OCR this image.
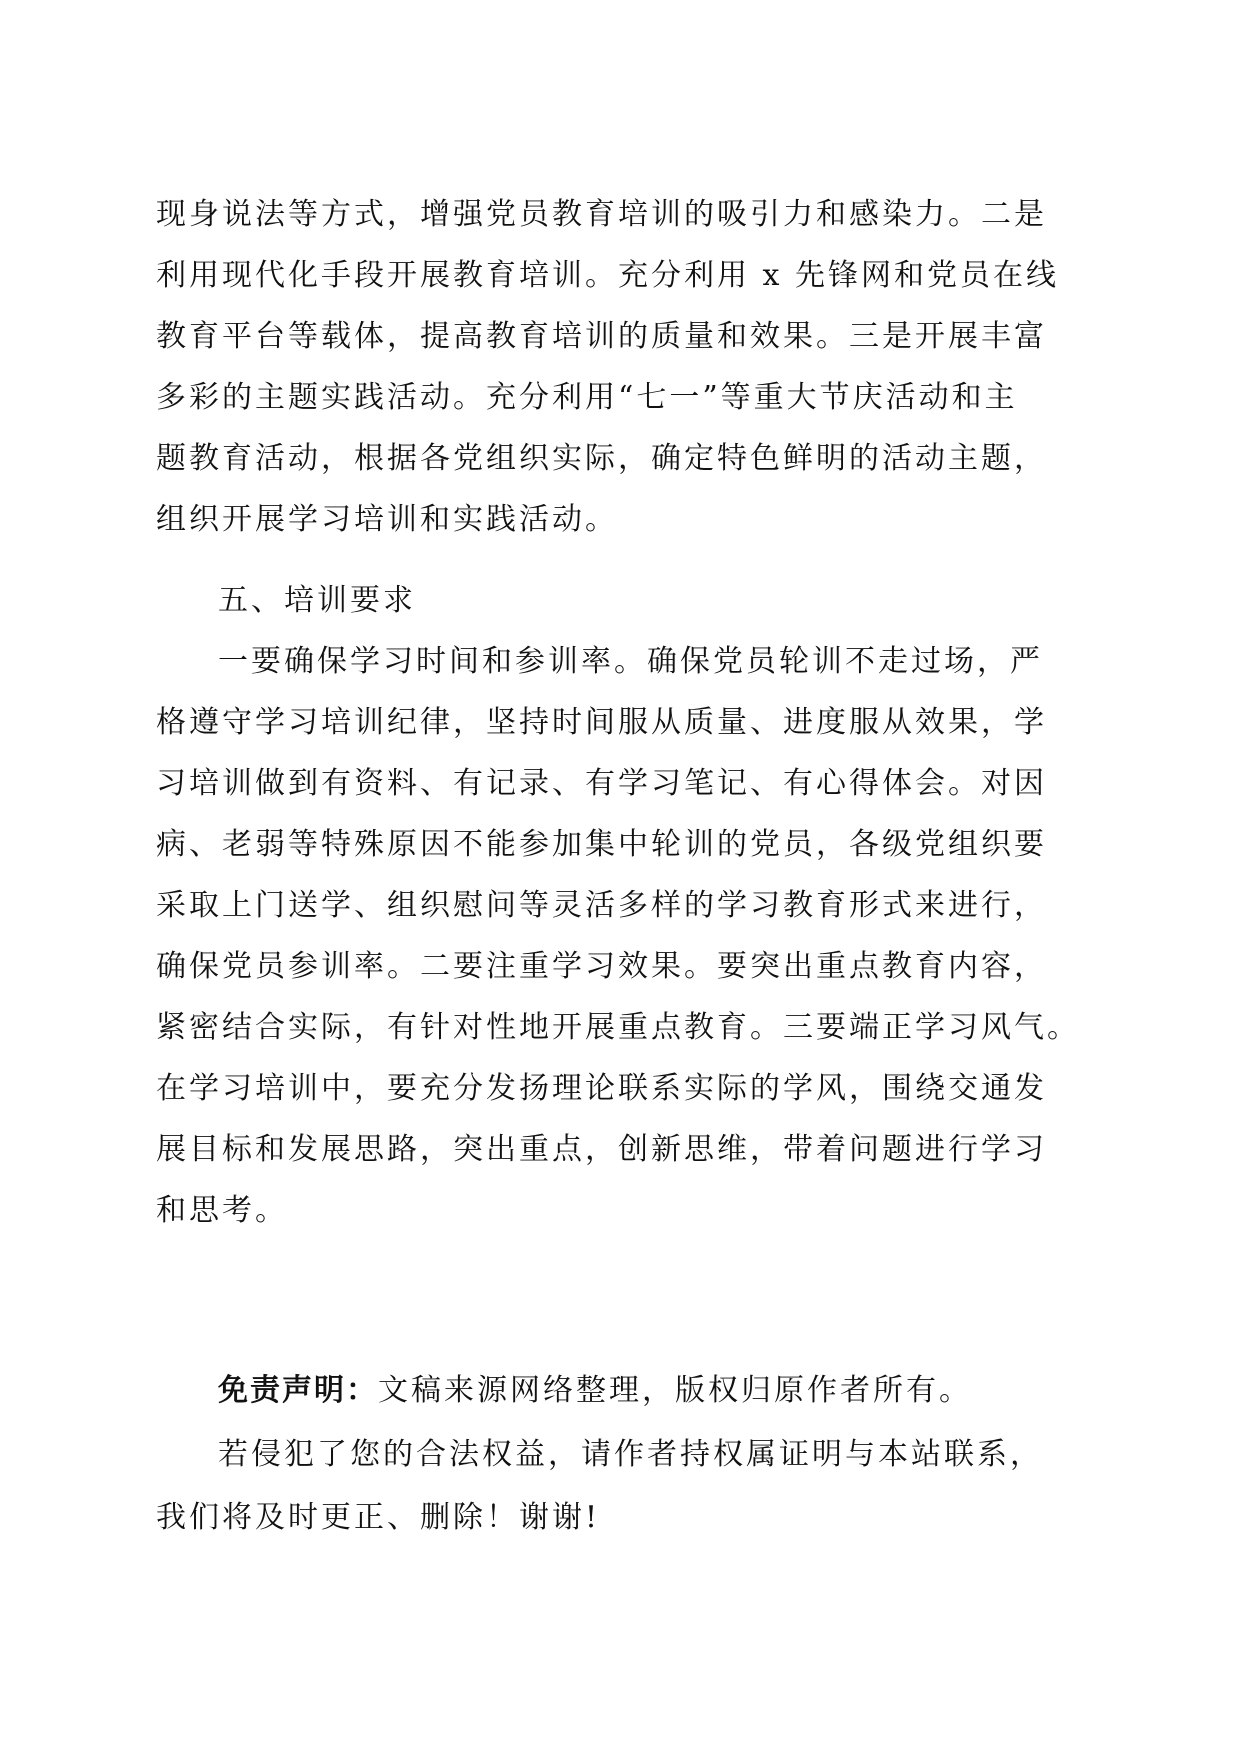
现身说法等方式，增强党员教育培训的吸引力和感染力。二是
利用现代化手段开展教育培训。充分利用 x 先锋网和党员在线
教育平台等载体，提高教育培训的质量和效果。三是开展丰富
多彩的主题实践活动。充分利用“七一”等重大节庆活动和主
题教育活动，根据各党组织实际，确定特色鲜明的活动主题，
组织开展学习培训和实践活动。
五、培训要求
一要确保学习时间和参训率。确保党员轮训不走过场，严
格遵守学习培训纪律，坚持时间服从质量、进度服从效果，学
习培训做到有资料、有记录、有学习笔记、有心得体会。对因
病、老弱等特殊原因不能参加集中轮训的党员，各级党组织要
采取上门送学、组织慰问等灵活多样的学习教育形式来进行，
确保党员参训率。二要注重学习效果。要突出重点教育内容，
紧密结合实际，有针对性地开展重点教育。三要端正学习风气。
在学习培训中，要充分发扬理论联系实际的学风，围绕交通发
展目标和发展思路，突出重点，创新思维，带着问题进行学习
和思考。
免责声明：文稿来源网络整理，版权归原作者所有。
若侵犯了您的合法权益，请作者持权属证明与本站联系，
我们将及时更正、删除！谢谢!
